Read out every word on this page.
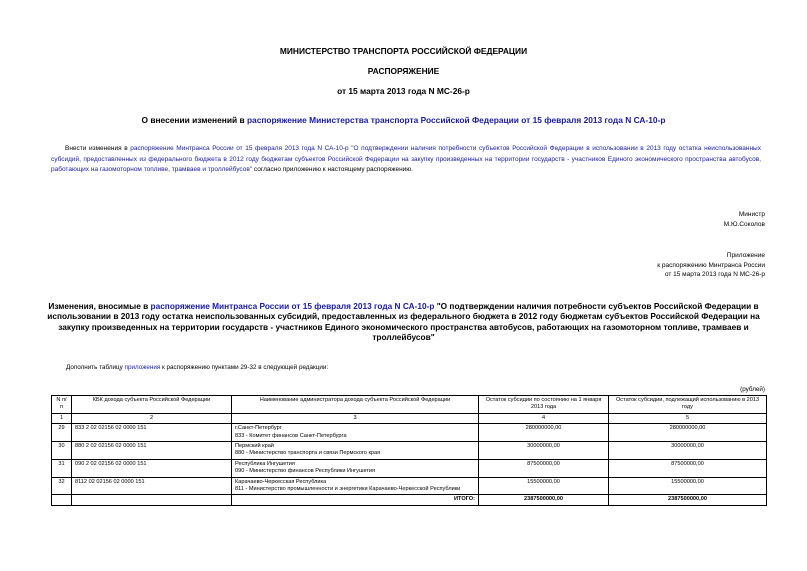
МИНИСТЕРСТВО ТРАНСПОРТА РОССИЙСКОЙ ФЕДЕРАЦИИ
РАСПОРЯЖЕНИЕ
от 15 марта 2013 года N МС-26-р
О внесении изменений в распоряжение Министерства транспорта Российской Федерации от 15 февраля 2013 года N СА-10-р
Внести изменения в распоряжение Минтранса России от 15 февраля 2013 года N СА-10-р "О подтверждении наличия потребности субъектов Российской Федерации в использовании в 2013 году остатка неиспользованных субсидий, предоставленных из федерального бюджета в 2012 году бюджетам субъектов Российской Федерации на закупку произведенных на территории государств - участников Единого экономического пространства автобусов, работающих на газомоторном топливе, трамваев и троллейбусов" согласно приложению к настоящему распоряжению.
Министр
М.Ю.Соколов
Приложение
к распоряжению Минтранса России
от 15 марта 2013 года N МС-26-р
Изменения, вносимые в распоряжение Минтранса России от 15 февраля 2013 года N СА-10-р "О подтверждении наличия потребности субъектов Российской Федерации в использовании в 2013 году остатка неиспользованных субсидий, предоставленных из федерального бюджета в 2012 году бюджетам субъектов Российской Федерации на закупку произведенных на территории государств - участников Единого экономического пространства автобусов, работающих на газомоторном топливе, трамваев и троллейбусов"
Дополнить таблицу приложения к распоряжению пунктами 29-32 в следующей редакции:
(рублей)
N п/п	КБК дохода субъекта Российской Федерации	Наименование администратора дохода субъекта Российской Федерации	Остаток субсидии по состоянию на 1 января 2013 года	Остаток субсидии, подлежащий использованию в 2013 году
1	2	3	4	5
29	833 2 02 02156 02 0000 151	г.Санкт-Петербург
833 - Комитет финансов Санкт-Петербурга	280000000,00	280000000,00
30	880 2 02 02156 02 0000 151	Пермский край
880 - Министерство транспорта и связи Пермского края	30000000,00	30000000,00
31	090 2 02 02156 02 0000 151	Республика Ингушетия
090 - Министерство финансов Республики Ингушетия	87500000,00	87500000,00
32	8112 02 02156 02 0000 151	Карачаево-Черкесская Республика
811 - Министерство промышленности и энергетики Карачаево-Черкесской Республики	15500000,00	15500000,00
		ИТОГО:	2387500000,00	2387500000,00
